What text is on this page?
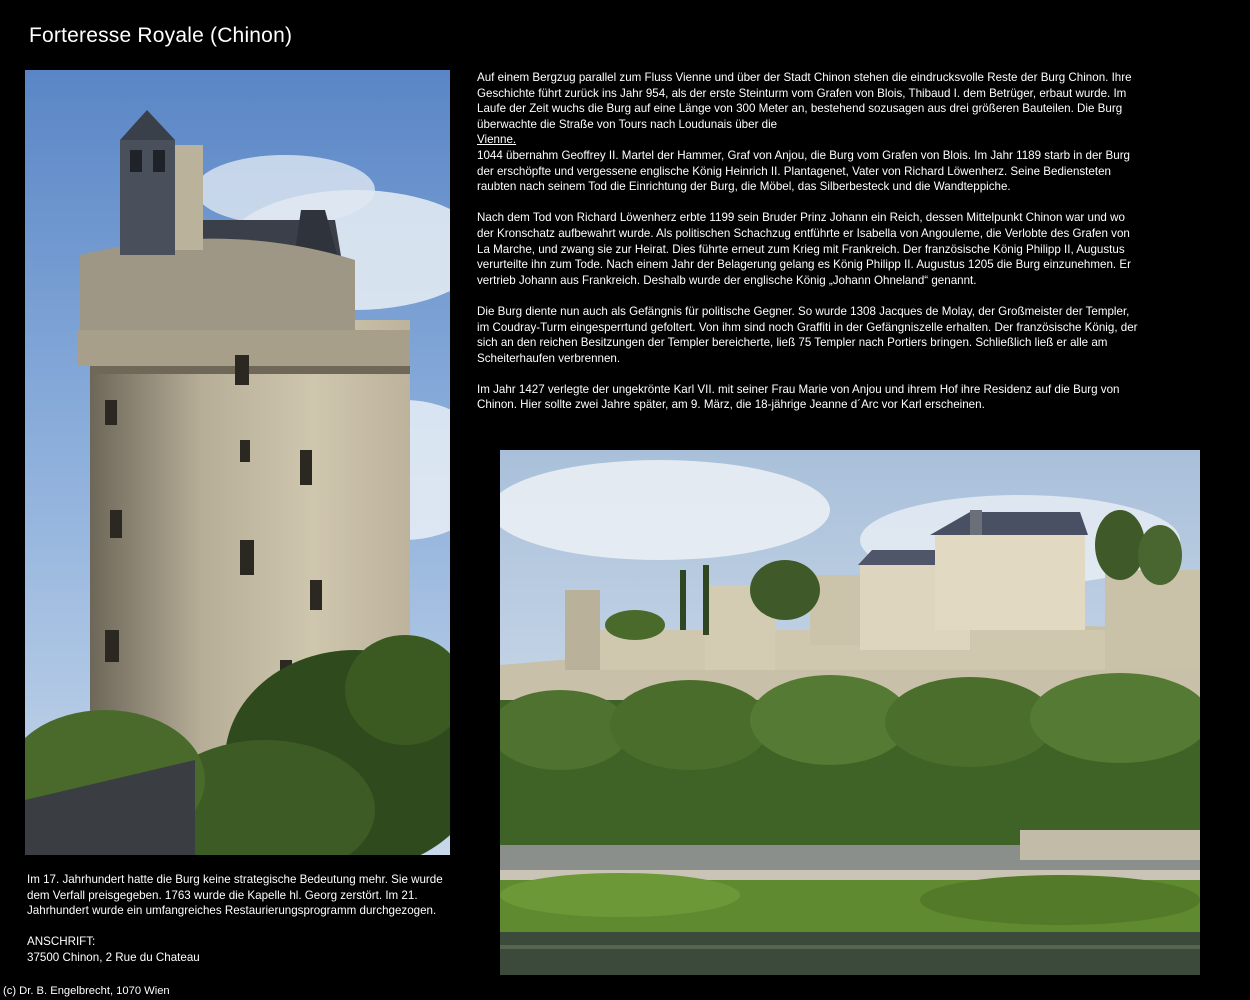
Forteresse Royale (Chinon)

Auf einem Bergzug parallel zum Fluss Vienne und über der Stadt Chinon stehen die eindrucksvolle Reste der Burg Chinon. Ihre Geschichte führt zurück ins Jahr 954, als der erste Steinturm vom Grafen von Blois, Thibaud I. dem Betrüger, erbaut wurde. Im Laufe der Zeit wuchs die Burg auf eine Länge von 300 Meter an, bestehend sozusagen aus drei größeren Bauteilen. Die Burg überwachte die Straße von Tours nach Loudunais über die
Vienne.
1044 übernahm Geoffrey II. Martel der Hammer, Graf von Anjou, die Burg vom Grafen von Blois. Im Jahr 1189 starb in der Burg der erschöpfte und vergessene englische König Heinrich II. Plantagenet, Vater von Richard Löwenherz. Seine Bediensteten raubten nach seinem Tod die Einrichtung der Burg, die Möbel, das Silberbesteck und die Wandteppiche.

Nach dem Tod von Richard Löwenherz erbte 1199 sein Bruder Prinz Johann ein Reich, dessen Mittelpunkt Chinon war und wo der Kronschatz aufbewahrt wurde. Als politischen Schachzug entführte er Isabella von Angouleme, die Verlobte des Grafen von La Marche, und zwang sie zur Heirat. Dies führte erneut zum Krieg mit Frankreich. Der französische König Philipp II, Augustus verurteilte ihn zum Tode. Nach einem Jahr der Belagerung gelang es König Philipp II. Augustus 1205 die Burg einzunehmen. Er vertrieb Johann aus Frankreich. Deshalb wurde der englische König „Johann Ohneland“ genannt.

Die Burg diente nun auch als Gefängnis für politische Gegner. So wurde 1308 Jacques de Molay, der Großmeister der Templer, im Coudray-Turm eingesperrtund gefoltert. Von ihm sind noch Graffiti in der Gefängniszelle erhalten. Der französische König, der sich an den reichen Besitzungen der Templer bereicherte, ließ 75 Templer nach Portiers bringen. Schließlich ließ er alle am Scheiterhaufen verbrennen.

Im Jahr 1427 verlegte der ungekrönte Karl VII. mit seiner Frau Marie von Anjou und ihrem Hof ihre Residenz auf die Burg von Chinon. Hier sollte zwei Jahre später, am 9. März, die 18-jährige Jeanne d´Arc vor Karl erscheinen.

Im 17. Jahrhundert hatte die Burg keine strategische Bedeutung mehr. Sie wurde dem Verfall preisgegeben. 1763 wurde die Kapelle hl. Georg zerstört. Im 21. Jahrhundert wurde ein umfangreiches Restaurierungsprogramm durchgezogen.

ANSCHRIFT:

37500 Chinon, 2 Rue du Chateau

(c) Dr. B. Engelbrecht, 1070 Wien
